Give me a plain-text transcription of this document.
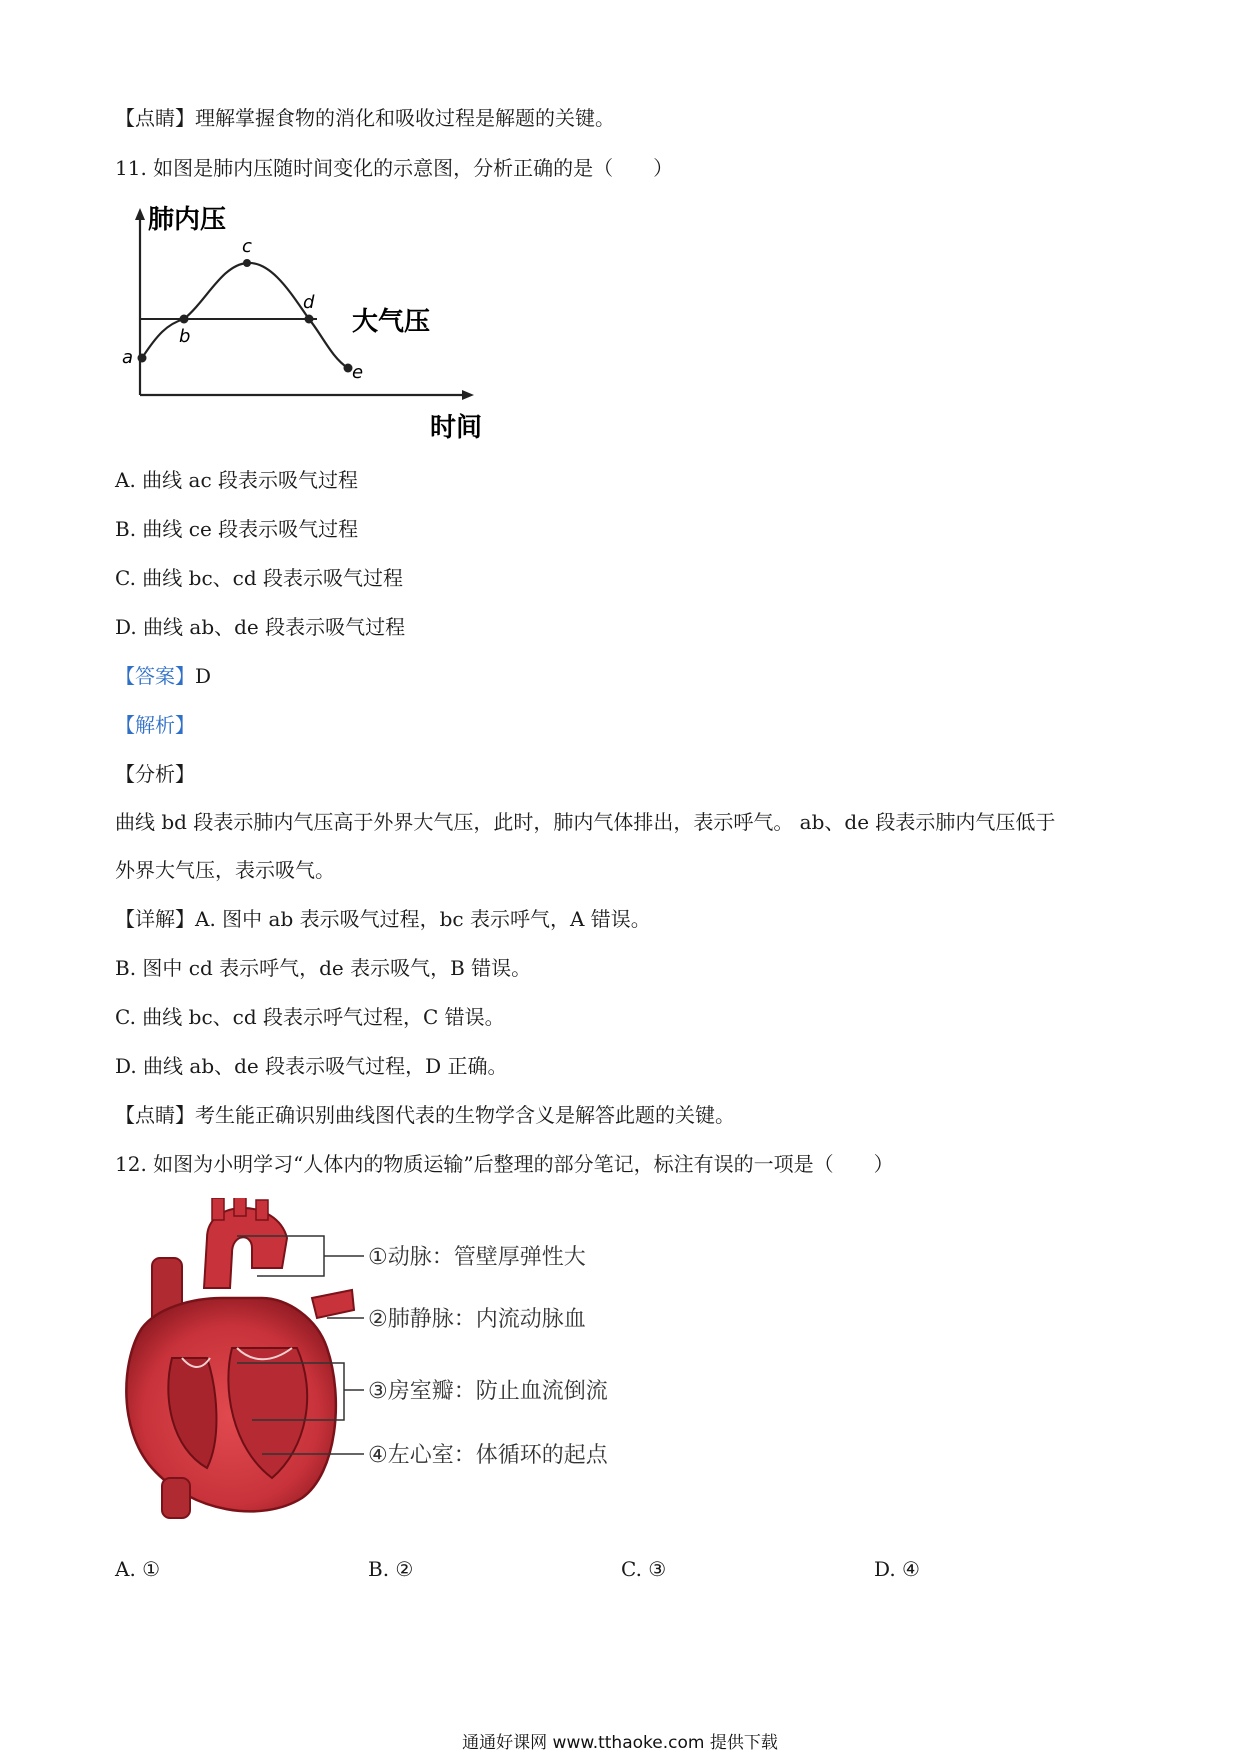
【点睛】理解掌握食物的消化和吸收过程是解题的关键。
11. 如图是肺内压随时间变化的示意图，分析正确的是（　　）
a
b
c
d
e
肺内压
大气压
时间
A. 曲线 ac 段表示吸气过程
B. 曲线 ce 段表示吸气过程
C. 曲线 bc、cd 段表示吸气过程
D. 曲线 ab、de 段表示吸气过程
【答案】D
【解析】
【分析】
曲线 bd 段表示肺内气压高于外界大气压，此时，肺内气体排出，表示呼气。 ab、de 段表示肺内气压低于
外界大气压，表示吸气。
【详解】A. 图中 ab 表示吸气过程，bc 表示呼气，A 错误。
B. 图中 cd 表示呼气，de 表示吸气，B 错误。
C. 曲线 bc、cd 段表示呼气过程，C 错误。
D. 曲线 ab、de 段表示吸气过程，D 正确。
【点睛】考生能正确识别曲线图代表的生物学含义是解答此题的关键。
12. 如图为小明学习“人体内的物质运输”后整理的部分笔记，标注有误的一项是（　　）
①动脉：管壁厚弹性大
②肺静脉：内流动脉血
③房室瓣：防止血流倒流
④左心室：体循环的起点
A. ①	B. ②	C. ③	D. ④
通通好课网 www.tthaoke.com 提供下载
